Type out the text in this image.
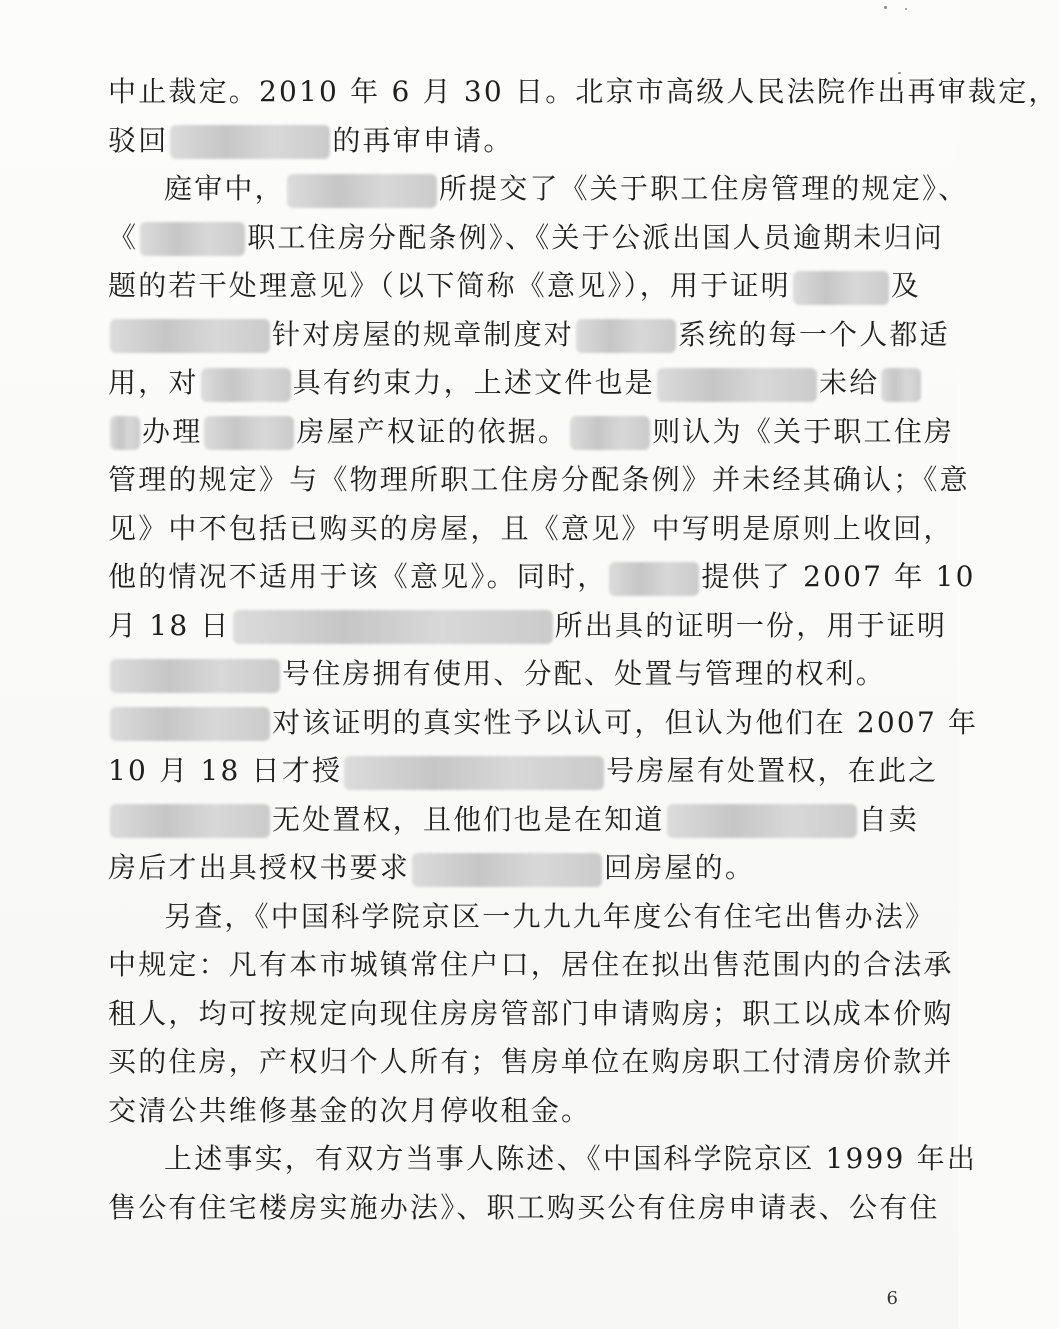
中止裁定。2010 年 6 月 30 日。北京市高级人民法院作出再审裁定，
驳回	的再审申请。
庭审中，	所提交了《关于职工住房管理的规定》、
《	职工住房分配条例》、《关于公派出国人员逾期未归问
题的若干处理意见》（以下简称《意见》），用于证明	及
针对房屋的规章制度对	系统的每一个人都适
用，对	具有约束力，上述文件也是	未给
办理	房屋产权证的依据。	则认为《关于职工住房
管理的规定》与《物理所职工住房分配条例》并未经其确认；《意
见》中不包括已购买的房屋，且《意见》中写明是原则上收回，
他的情况不适用于该《意见》。同时，	提供了 2007 年 10
月 18 日	所出具的证明一份，用于证明
号住房拥有使用、分配、处置与管理的权利。
对该证明的真实性予以认可，但认为他们在 2007 年
10 月 18 日才授	号房屋有处置权，在此之
无处置权，且他们也是在知道	自卖
房后才出具授权书要求	回房屋的。
另查，《中国科学院京区一九九九年度公有住宅出售办法》
中规定：凡有本市城镇常住户口，居住在拟出售范围内的合法承
租人，均可按规定向现住房房管部门申请购房；职工以成本价购
买的住房，产权归个人所有；售房单位在购房职工付清房价款并
交清公共维修基金的次月停收租金。
上述事实，有双方当事人陈述、《中国科学院京区 1999 年出
售公有住宅楼房实施办法》、职工购买公有住房申请表、公有住
6
